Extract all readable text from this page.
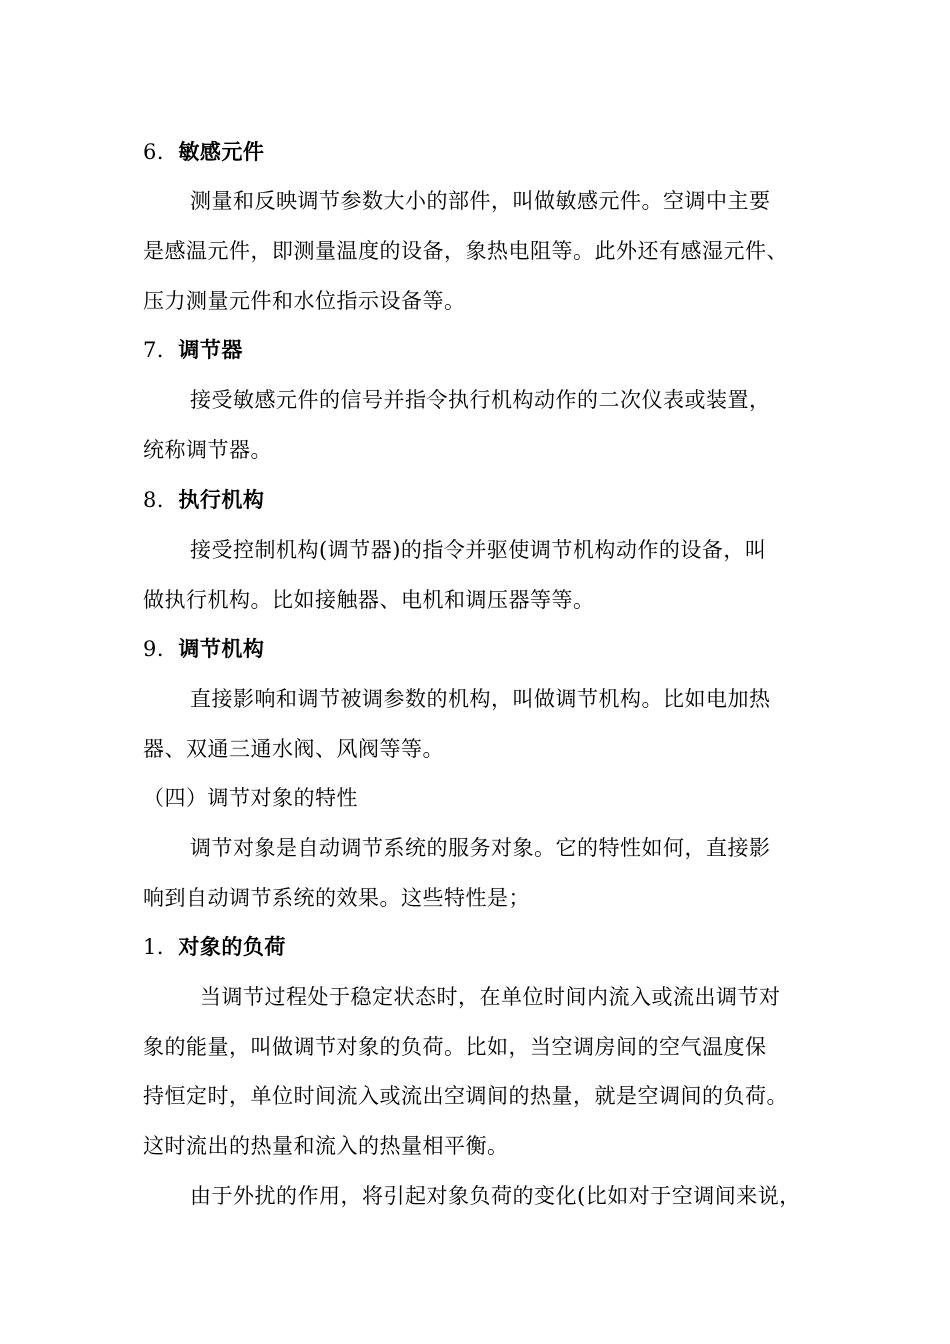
6．敏感元件
测量和反映调节参数大小的部件，叫做敏感元件。空调中主要
是感温元件，即测量温度的设备，象热电阻等。此外还有感湿元件、
压力测量元件和水位指示设备等。
7．调节器
接受敏感元件的信号并指令执行机构动作的二次仪表或装置，
统称调节器。
8．执行机构
接受控制机构(调节器)的指令并驱使调节机构动作的设备，叫
做执行机构。比如接触器、电机和调压器等等。
9．调节机构
直接影响和调节被调参数的机构，叫做调节机构。比如电加热
器、双通三通水阀、风阀等等。
（四）调节对象的特性
调节对象是自动调节系统的服务对象。它的特性如何，直接影
响到自动调节系统的效果。这些特性是；
1．对象的负荷
当调节过程处于稳定状态时，在单位时间内流入或流出调节对
象的能量，叫做调节对象的负荷。比如，当空调房间的空气温度保
持恒定时，单位时间流入或流出空调间的热量，就是空调间的负荷。
这时流出的热量和流入的热量相平衡。
由于外扰的作用，将引起对象负荷的变化(比如对于空调间来说，
